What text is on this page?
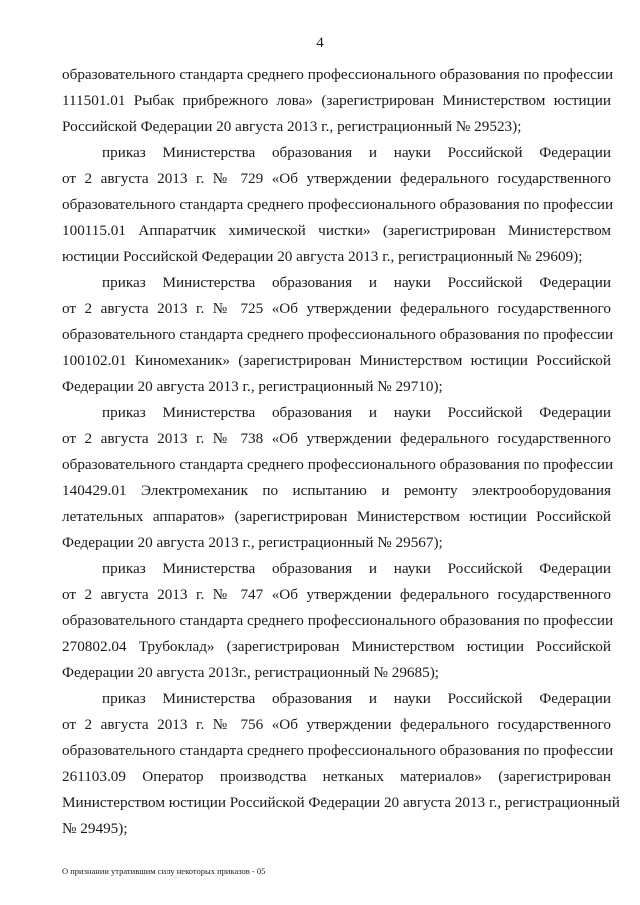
4
образовательного стандарта среднего профессионального образования по профессии
111501.01 Рыбак прибрежного лова» (зарегистрирован Министерством юстиции
Российской Федерации 20 августа 2013 г., регистрационный № 29523);
приказ Министерства образования и науки Российской Федерации
от 2 августа 2013 г. № 729 «Об утверждении федерального государственного
образовательного стандарта среднего профессионального образования по профессии
100115.01 Аппаратчик химической чистки» (зарегистрирован Министерством
юстиции Российской Федерации 20 августа 2013 г., регистрационный № 29609);
приказ Министерства образования и науки Российской Федерации
от 2 августа 2013 г. № 725 «Об утверждении федерального государственного
образовательного стандарта среднего профессионального образования по профессии
100102.01 Киномеханик» (зарегистрирован Министерством юстиции Российской
Федерации 20 августа 2013 г., регистрационный № 29710);
приказ Министерства образования и науки Российской Федерации
от 2 августа 2013 г. № 738 «Об утверждении федерального государственного
образовательного стандарта среднего профессионального образования по профессии
140429.01 Электромеханик по испытанию и ремонту электрооборудования
летательных аппаратов» (зарегистрирован Министерством юстиции Российской
Федерации 20 августа 2013 г., регистрационный № 29567);
приказ Министерства образования и науки Российской Федерации
от 2 августа 2013 г. № 747 «Об утверждении федерального государственного
образовательного стандарта среднего профессионального образования по профессии
270802.04 Трубоклад» (зарегистрирован Министерством юстиции Российской
Федерации 20 августа 2013г., регистрационный № 29685);
приказ Министерства образования и науки Российской Федерации
от 2 августа 2013 г. № 756 «Об утверждении федерального государственного
образовательного стандарта среднего профессионального образования по профессии
261103.09 Оператор производства нетканых материалов» (зарегистрирован
Министерством юстиции Российской Федерации 20 августа 2013 г., регистрационный
№ 29495);
О признании утратившим силу некоторых приказов - 05
